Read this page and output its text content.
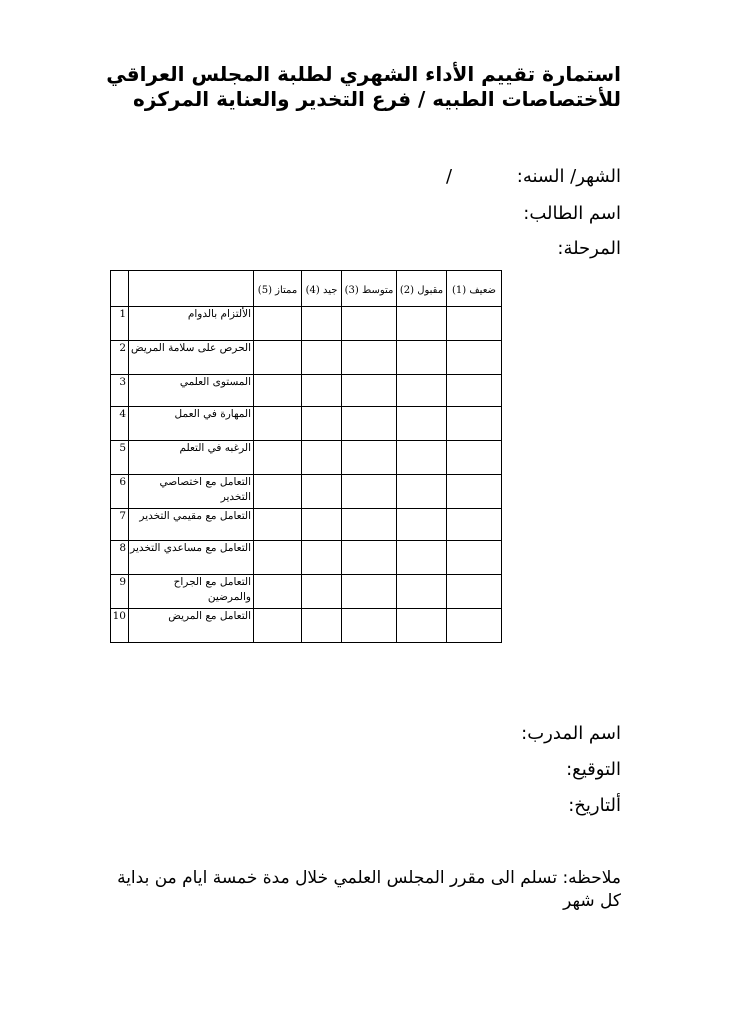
استمارة تقييم الأداء الشهري لطلبة المجلس العراقي
للأختصاصات الطبيه / فرع التخدير والعناية المركزه
الشهر/ السنه:
/
اسم الطالب:
المرحلة:
		ممتاز (5)	جيد (4)	متوسط (3)	مقبول (2)	ضعيف (1)
1	الألتزام بالدوام					
2	الحرص على سلامة المريض					
3	المستوى العلمي					
4	المهارة في العمل					
5	الرغبه في التعلم					
6	التعامل مع اختصاصي التخدير					
7	التعامل مع مقيمي التخدير					
8	التعامل مع مساعدي التخدير					
9	التعامل مع الجراح والمرضين					
10	التعامل مع المريض					
اسم المدرب:
التوقيع:
ألتاريخ:
ملاحظه: تسلم الى مقرر المجلس العلمي خلال مدة خمسة ايام من بداية كل شهر
